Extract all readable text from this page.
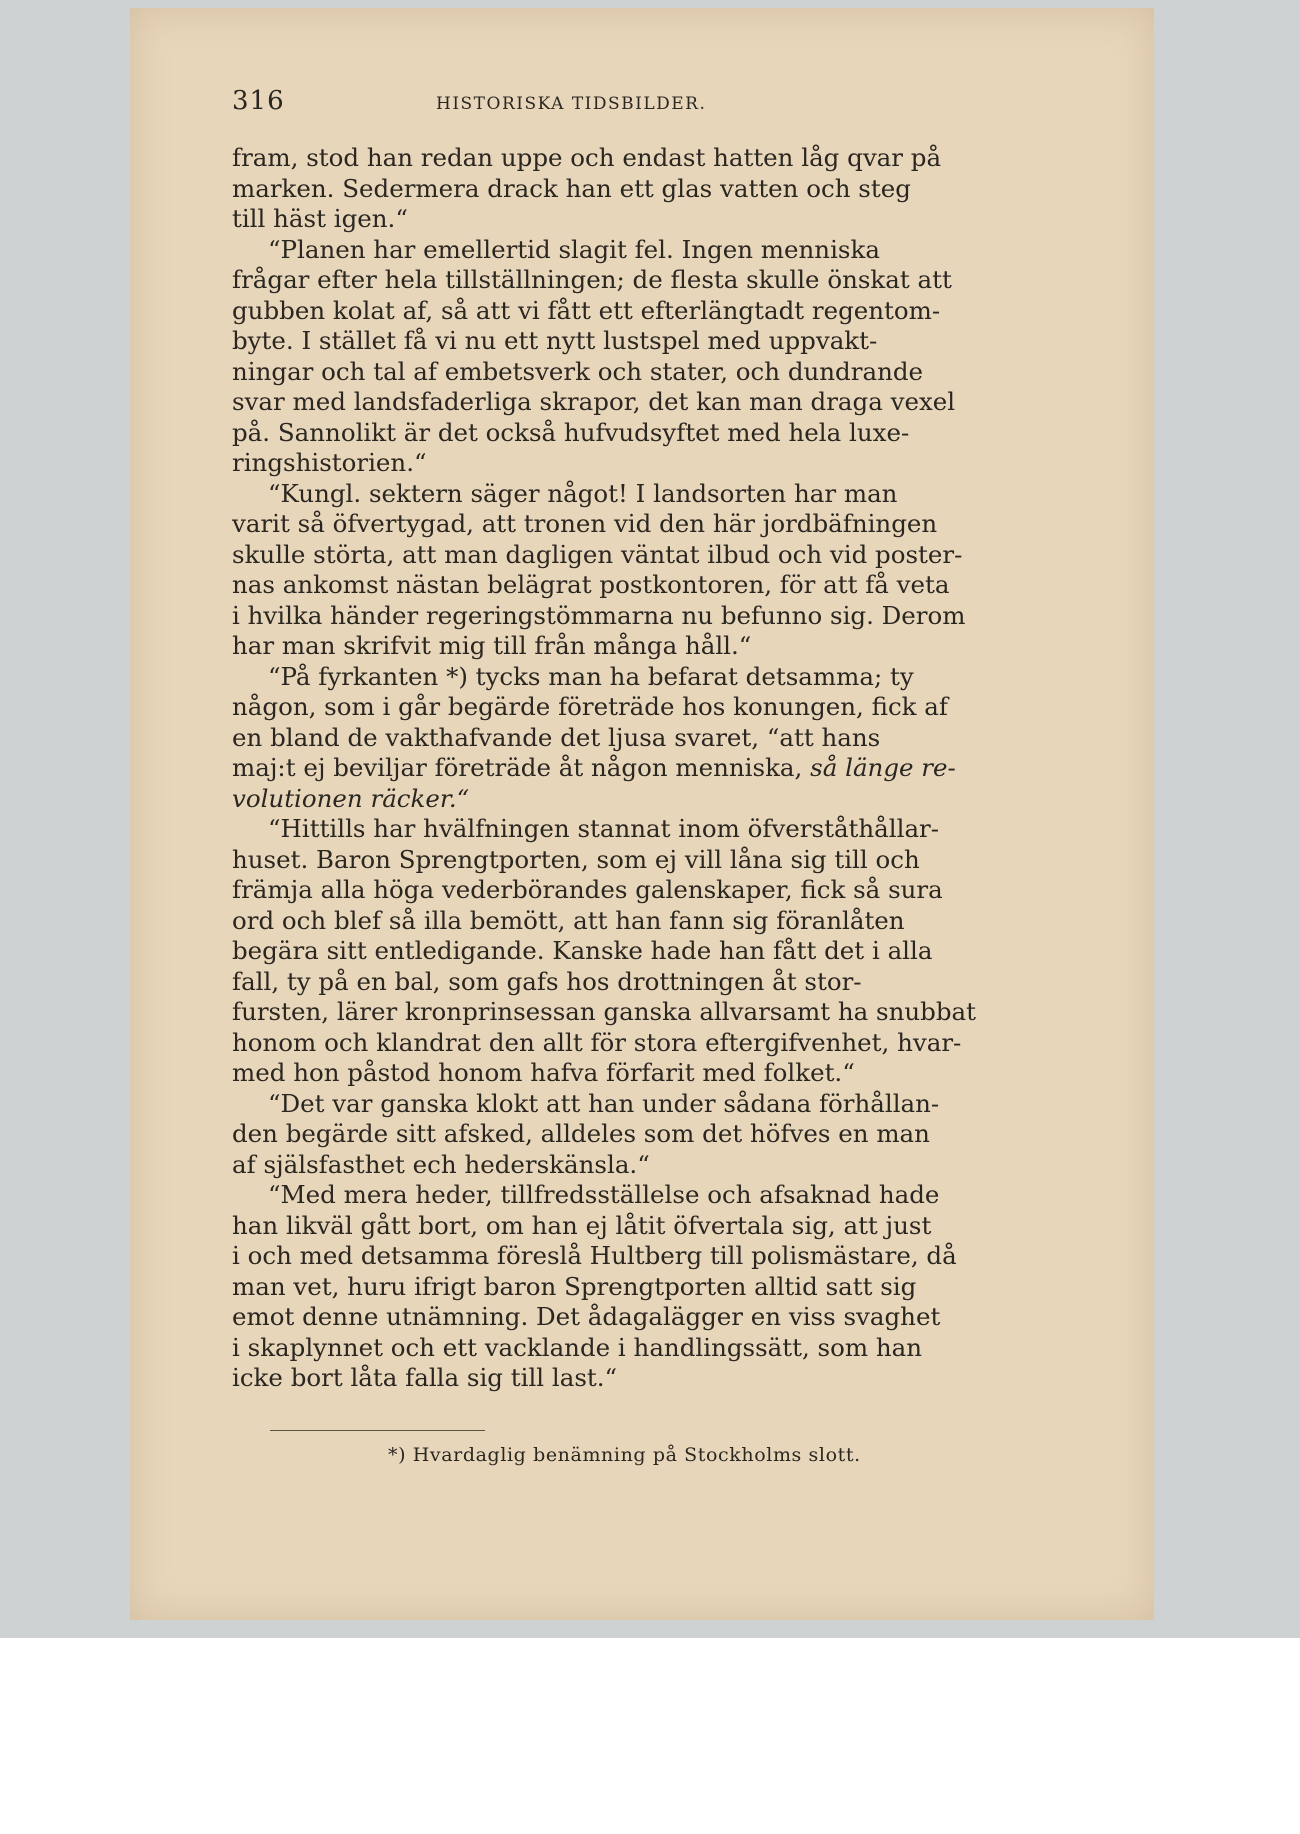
316	HISTORISKA TIDSBILDER.
fram, stod han redan uppe och endast hatten låg qvar på
marken. Sedermera drack han ett glas vatten och steg
till häst igen.“
“Planen har emellertid slagit fel. Ingen menniska
frågar efter hela tillställningen; de flesta skulle önskat att
gubben kolat af, så att vi fått ett efterlängtadt regentom-
byte. I stället få vi nu ett nytt lustspel med uppvakt-
ningar och tal af embetsverk och stater, och dundrande
svar med landsfaderliga skrapor, det kan man draga vexel
på. Sannolikt är det också hufvudsyftet med hela luxe-
ringshistorien.“
“Kungl. sektern säger något! I landsorten har man
varit så öfvertygad, att tronen vid den här jordbäfningen
skulle störta, att man dagligen väntat ilbud och vid poster-
nas ankomst nästan belägrat postkontoren, för att få veta
i hvilka händer regeringstömmarna nu befunno sig. Derom
har man skrifvit mig till från många håll.“
“På fyrkanten *) tycks man ha befarat detsamma; ty
någon, som i går begärde företräde hos konungen, fick af
en bland de vakthafvande det ljusa svaret, “att hans
maj:t ej beviljar företräde åt någon menniska, så länge re-
volutionen räcker.“
“Hittills har hvälfningen stannat inom öfverståthållar-
huset. Baron Sprengtporten, som ej vill låna sig till och
främja alla höga vederbörandes galenskaper, fick så sura
ord och blef så illa bemött, att han fann sig föranlåten
begära sitt entledigande. Kanske hade han fått det i alla
fall, ty på en bal, som gafs hos drottningen åt stor-
fursten, lärer kronprinsessan ganska allvarsamt ha snubbat
honom och klandrat den allt för stora eftergifvenhet, hvar-
med hon påstod honom hafva förfarit med folket.“
“Det var ganska klokt att han under sådana förhållan-
den begärde sitt afsked, alldeles som det höfves en man
af själsfasthet ech hederskänsla.“
“Med mera heder, tillfredsställelse och afsaknad hade
han likväl gått bort, om han ej låtit öfvertala sig, att just
i och med detsamma föreslå Hultberg till polismästare, då
man vet, huru ifrigt baron Sprengtporten alltid satt sig
emot denne utnämning. Det ådagalägger en viss svaghet
i skaplynnet och ett vacklande i handlingssätt, som han
icke bort låta falla sig till last.“
*) Hvardaglig benämning på Stockholms slott.
